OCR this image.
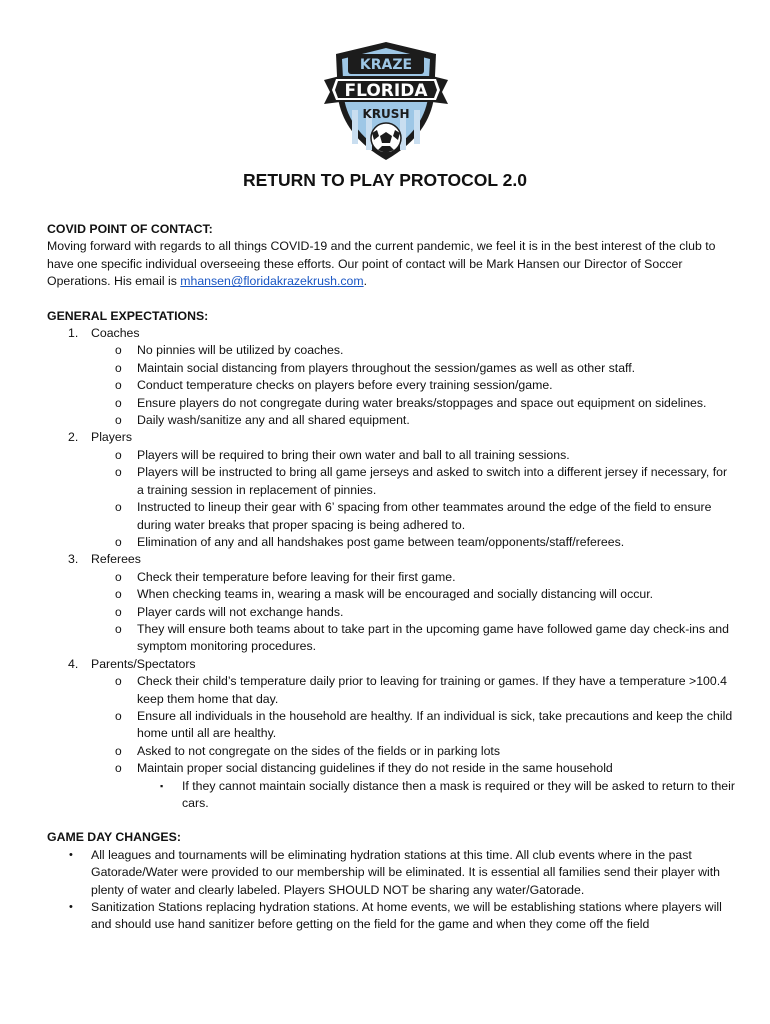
KRAZE
FLORIDA
KRUSH
RETURN TO PLAY PROTOCOL 2.0

COVID POINT OF CONTACT:

Moving forward with regards to all things COVID-19 and the current pandemic, we feel it is in the best interest of the club to have one specific individual overseeing these efforts. Our point of contact will be Mark Hansen our Director of Soccer Operations. His email is mhansen@floridakrazekrush.com.

GENERAL EXPECTATIONS:

1.	Coaches
o No pinnies will be utilized by coaches.
o Maintain social distancing from players throughout the session/games as well as other staff.
o Conduct temperature checks on players before every training session/game.
o Ensure players do not congregate during water breaks/stoppages and space out equipment on sidelines.
o Daily wash/sanitize any and all shared equipment.
2.	Players
o Players will be required to bring their own water and ball to all training sessions.
o Players will be instructed to bring all game jerseys and asked to switch into a different jersey if necessary, for a training session in replacement of pinnies.
o Instructed to lineup their gear with 6’ spacing from other teammates around the edge of the field to ensure during water breaks that proper spacing is being adhered to.
o Elimination of any and all handshakes post game between team/opponents/staff/referees.
3.	Referees
o Check their temperature before leaving for their first game.
o When checking teams in, wearing a mask will be encouraged and socially distancing will occur.
o Player cards will not exchange hands.
o They will ensure both teams about to take part in the upcoming game have followed game day check-ins and symptom monitoring procedures.
4.	Parents/Spectators
o Check their child’s temperature daily prior to leaving for training or games. If they have a temperature >100.4 keep them home that day.
o Ensure all individuals in the household are healthy. If an individual is sick, take precautions and keep the child home until all are healthy.
o Asked to not congregate on the sides of the fields or in parking lots
o Maintain proper social distancing guidelines if they do not reside in the same household
▪ If they cannot maintain socially distance then a mask is required or they will be asked to return to their cars.

GAME DAY CHANGES:

• All leagues and tournaments will be eliminating hydration stations at this time. All club events where in the past Gatorade/Water were provided to our membership will be eliminated. It is essential all families send their player with plenty of water and clearly labeled. Players SHOULD NOT be sharing any water/Gatorade.
• Sanitization Stations replacing hydration stations. At home events, we will be establishing stations where players will and should use hand sanitizer before getting on the field for the game and when they come off the field
